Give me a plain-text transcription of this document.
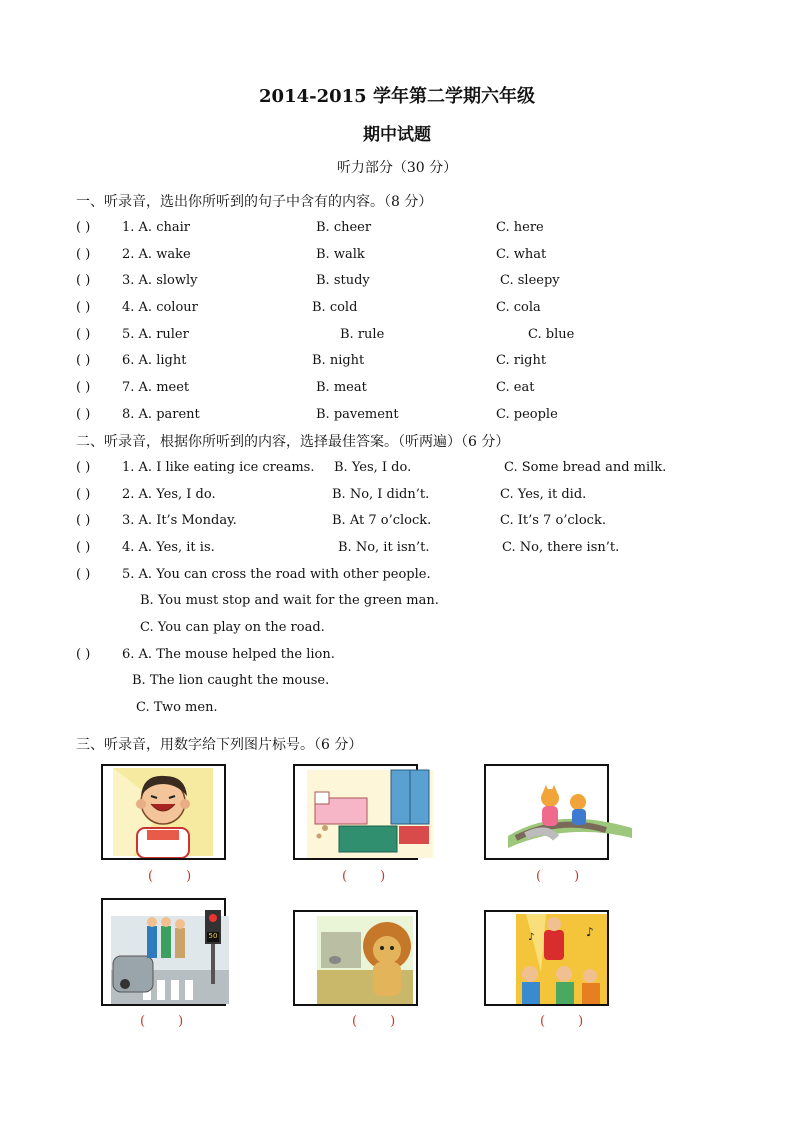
2014-2015 学年第二学期六年级
期中试题
听力部分（30 分）
一、听录音，选出你所听到的句子中含有的内容。（8 分）
( ) 1. A. chair	B. cheer	C. here
( ) 2. A. wake	B. walk	C. what
( ) 3. A. slowly	B. study	C. sleepy
( ) 4. A. colour	B. cold	C. cola
( ) 5. A. ruler	B. rule	C. blue
( ) 6. A. light	B. night	C. right
( ) 7. A. meet	B. meat	C. eat
( ) 8. A. parent	B. pavement	C. people
二、听录音，根据你所听到的内容，选择最佳答案。（听两遍）（6 分）
( ) 1. A. I like eating ice creams. B. Yes, I do.	C. Some bread and milk.
( ) 2. A. Yes, I do.	B. No, I didn’t.	C. Yes, it did.
( ) 3. A. It’s Monday.	B. At 7 o’clock.	C. It’s 7 o’clock.
( ) 4. A. Yes, it is.	B. No, it isn’t.	C. No, there isn’t.
( ) 5. A. You can cross the road with other people.
B. You must stop and wait for the green man.
C. You can play on the road.
( ) 6. A. The mouse helped the lion.
B. The lion caught the mouse.
C. Two men.
三、听录音，用数字给下列图片标号。（6 分）
(        )	(        )	(        )
50
(        )	(        )
♪
♪
(        )
